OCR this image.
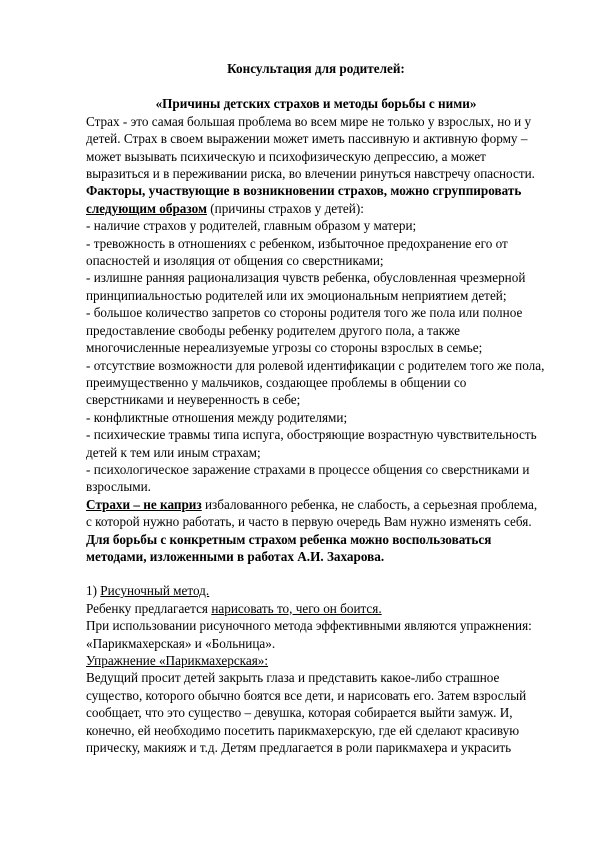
Консультация для родителей:

«Причины детских страхов и методы борьбы с ними»

Страх - это самая большая проблема во всем мире не только у взрослых, но и у детей. Страх в своем выражении может иметь пассивную и активную форму – может вызывать психическую и психофизическую депрессию, а может выразиться и в переживании риска, во влечении ринуться навстречу опасности.

Факторы, участвующие в возникновении страхов, можно сгруппировать следующим образом (причины страхов у детей):

- наличие страхов у родителей, главным образом у матери;

- тревожность в отношениях с ребенком, избыточное предохранение его от опасностей и изоляция от общения со сверстниками;

- излишне ранняя рационализация чувств ребенка, обусловленная чрезмерной принципиальностью родителей или их эмоциональным неприятием детей;

- большое количество запретов со стороны родителя того же пола или полное предоставление свободы ребенку родителем другого пола, а также многочисленные нереализуемые угрозы со стороны взрослых в семье;

- отсутствие возможности для ролевой идентификации с родителем того же пола, преимущественно у мальчиков, создающее проблемы в общении со сверстниками и неуверенность в себе;

- конфликтные отношения между родителями;

- психические травмы типа испуга, обостряющие возрастную чувствительность детей к тем или иным страхам;

- психологическое заражение страхами в процессе общения со сверстниками и взрослыми.

Страхи – не каприз избалованного ребенка, не слабость, а серьезная проблема, с которой нужно работать, и часто в первую очередь Вам нужно изменять себя.

Для борьбы с конкретным страхом ребенка можно воспользоваться методами, изложенными в работах А.И. Захарова.

1) Рисуночный метод.

Ребенку предлагается нарисовать то, чего он боится.

При использовании рисуночного метода эффективными являются упражнения: «Парикмахерская» и «Больница».

Упражнение «Парикмахерская»:

Ведущий просит детей закрыть глаза и представить какое-либо страшное существо, которого обычно боятся все дети, и нарисовать его. Затем взрослый сообщает, что это существо – девушка, которая собирается выйти замуж. И, конечно, ей необходимо посетить парикмахерскую, где ей сделают красивую прическу, макияж и т.д. Детям предлагается в роли парикмахера и украсить
